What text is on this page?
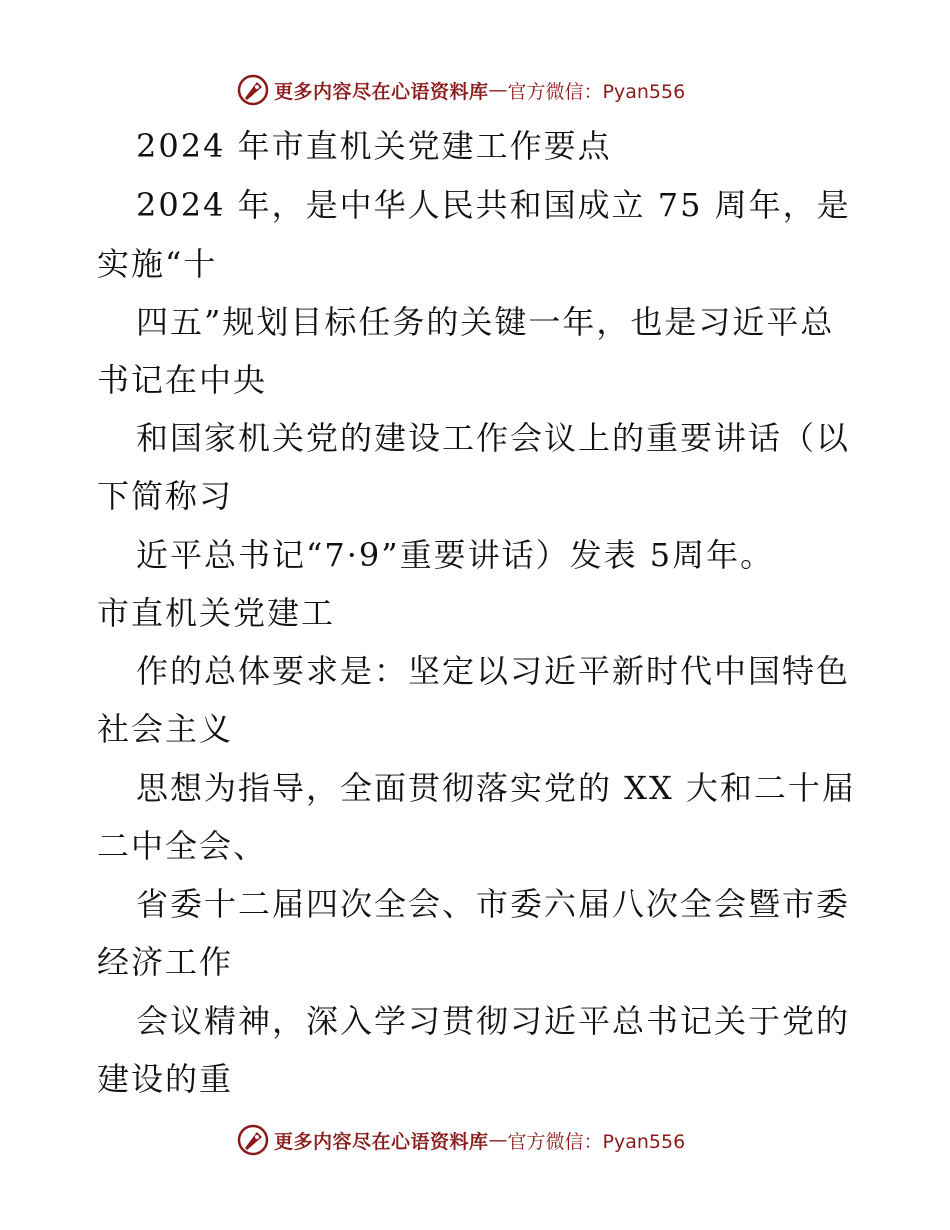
更多内容尽在心语资料库 — 官方微信：Pyan556
2024 年市直机关党建工作要点
2024 年，是中华人民共和国成立 75 周年，是
实施“十
四五”规划目标任务的关键一年，也是习近平总
书记在中央
和国家机关党的建设工作会议上的重要讲话（以
下简称习
近平总书记“7·9”重要讲话）发表 5周年。
市直机关党建工
作的总体要求是：坚定以习近平新时代中国特色
社会主义
思想为指导，全面贯彻落实党的 XX 大和二十届
二中全会、
省委十二届四次全会、市委六届八次全会暨市委
经济工作
会议精神，深入学习贯彻习近平总书记关于党的
建设的重
更多内容尽在心语资料库 — 官方微信：Pyan556
